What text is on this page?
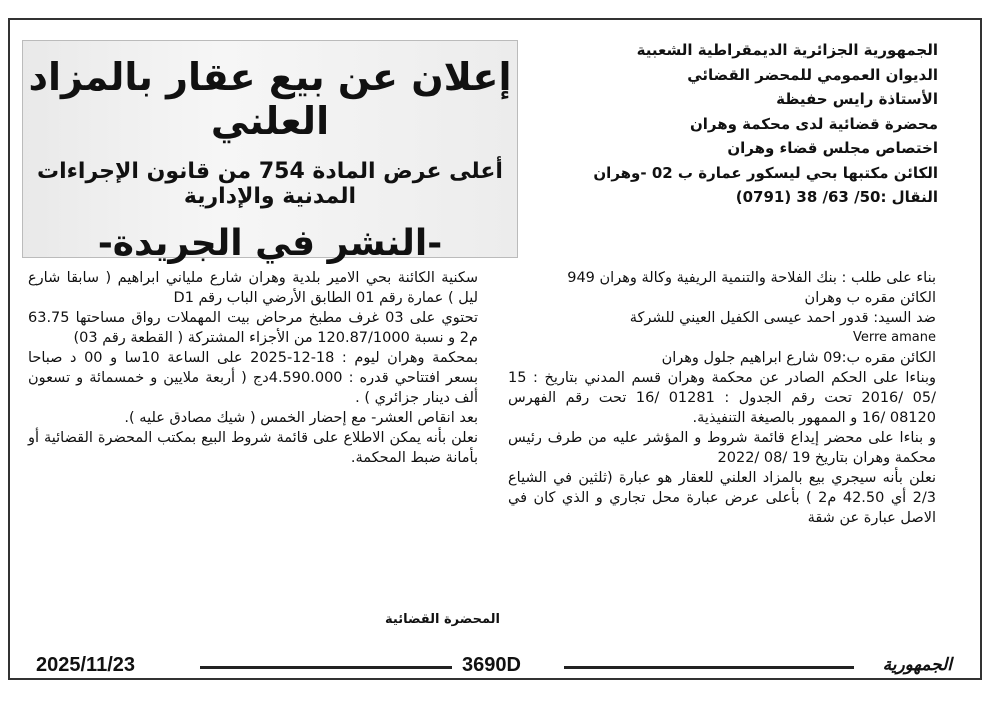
الجمهورية الجزائرية الديمقراطية الشعبية
الديوان العمومي للمحضر القضائي
الأستاذة رايس حفيظة
محضرة قضائية لدى محكمة وهران
اختصاص مجلس قضاء وهران
الكائن مكتبها بحي ليسكور عمارة ب 02 -وهران
النقال :50/ 63/ 38 (0791)
إعلان عن بيع عقار بالمزاد العلني
أعلى عرض المادة 754 من قانون الإجراءات المدنية والإدارية
-النشر في الجريدة-

بناء على طلب : بنك الفلاحة والتنمية الريفية وكالة وهران 949

الكائن مقره ب وهران

ضد السيد: قدور احمد عيسى الكفيل العيني للشركة

Verre amane

الكائن مقره ب:09 شارع ابراهيم جلول وهران

وبناءا على الحكم الصادر عن محكمة وهران قسم المدني بتاريخ : 15 /05 /2016 تحت رقم الجدول : 01281 /16 تحت رقم الفهرس 08120 /16 و الممهور بالصيغة التنفيذية.

و بناءا على محضر إيداع قائمة شروط و المؤشر عليه من طرف رئيس محكمة وهران بتاريخ 19 /08 /2022

نعلن بأنه سيجري بيع بالمزاد العلني للعقار هو عبارة (ثلثين في الشياع 2/3 أي 42.50 م2 ) بأعلى عرض عبارة محل تجاري و الذي كان في الاصل عبارة عن شقة

سكنية الكائنة بحي الامير بلدية وهران شارع ملياني ابراهيم ( سابقا شارع ليل ) عمارة رقم 01 الطابق الأرضي الباب رقم D1

تحتوي على 03 غرف مطبخ مرحاض بيت المهملات رواق مساحتها 63.75 م2 و نسبة 120.87/1000 من الأجزاء المشتركة ( القطعة رقم 03)

بمحكمة وهران ليوم : 18-12-2025 على الساعة 10سا و 00 د صباحا بسعر افتتاحي قدره : 4.590.000دج ( أربعة ملايين و خمسمائة و تسعون ألف دينار جزائري ) .

بعد انقاص العشر- مع إحضار الخمس ( شيك مصادق عليه ).

نعلن بأنه يمكن الاطلاع على قائمة شروط البيع بمكتب المحضرة القضائية أو بأمانة ضبط المحكمة.

المحضرة القضائية
2025/11/23	3690D	الجمهورية
